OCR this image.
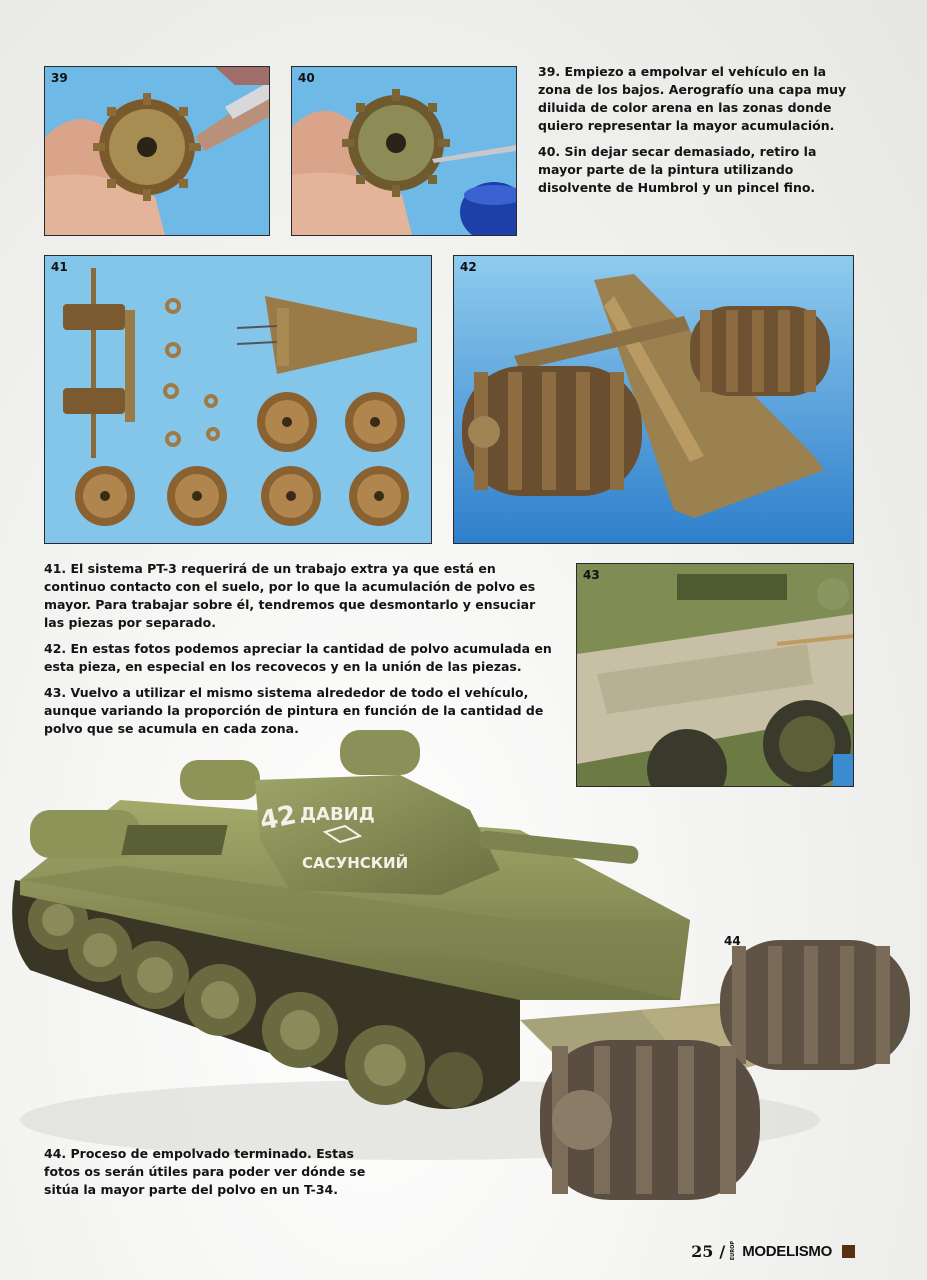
39	40	39. Empiezo a empolvar el vehículo en la zona de los bajos. Aerografío una capa muy diluida de color arena en las zonas donde quiero representar la mayor acumulación.

40. Sin dejar secar demasiado, retiro la mayor parte de la pintura utilizando disolvente de Humbrol y un pincel fino.

41	42

41. El sistema PT-3 requerirá de un trabajo extra ya que está en continuo contacto con el suelo, por lo que la acumulación de polvo es mayor. Para trabajar sobre él, tendremos que desmontarlo y ensuciar las piezas por separado.

42. En estas fotos podemos apreciar la cantidad de polvo acumulada en esta pieza, en especial en los recovecos y en la unión de las piezas.

43. Vuelvo a utilizar el mismo sistema alrededor de todo el vehículo, aunque variando la proporción de pintura en función de la cantidad de polvo que se acumula en cada zona.

43
42 ДАВИД
САСУНСКИЙ
44

44. Proceso de empolvado terminado. Estas fotos os serán útiles para poder ver dónde se sitúa la mayor parte del polvo en un T-34.

25 / EUROP MODELISMO
